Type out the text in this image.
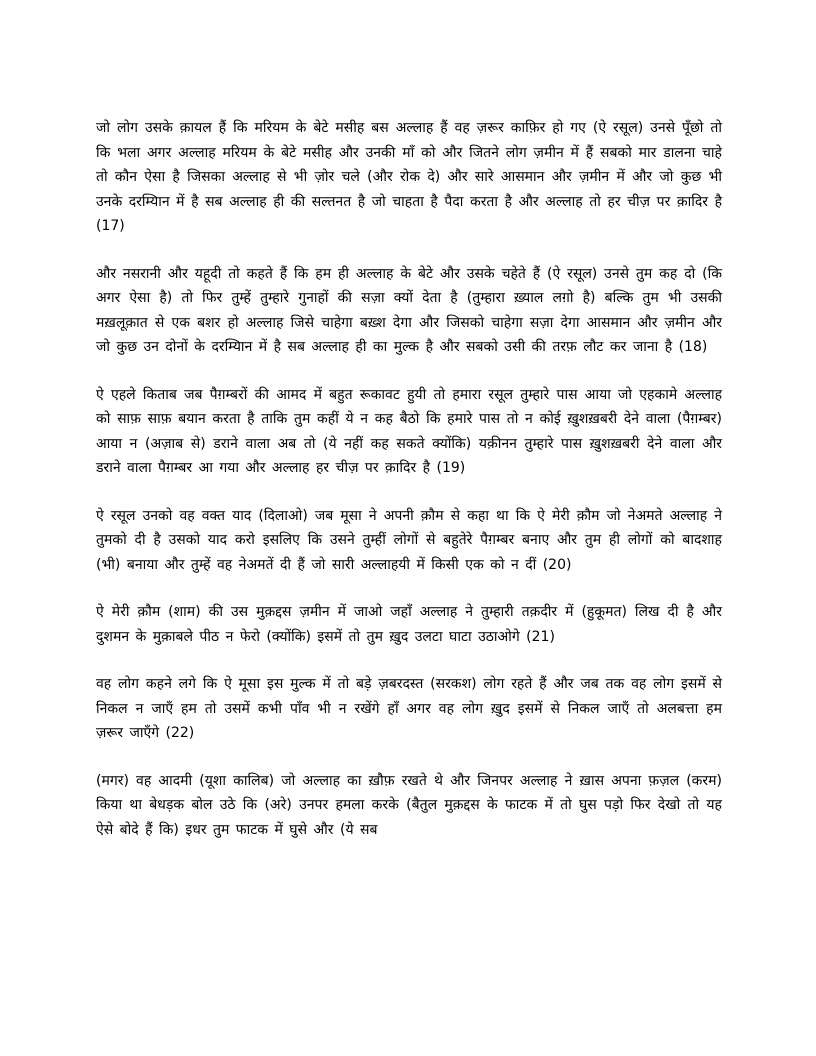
जो लोग उसके क़ायल हैं कि मरियम के बेटे मसीह बस अल्लाह हैं वह ज़रूर काफ़िर हो गए (ऐ रसूल) उनसे पूँछो तो कि भला अगर अल्लाह मरियम के बेटे मसीह और उनकी माँ को और जितने लोग ज़मीन में हैं सबको मार डालना चाहे तो कौन ऐसा है जिसका अल्लाह से भी ज़ोर चले (और रोक दे) और सारे आसमान और ज़मीन में और जो कुछ भी उनके दरम्यिान में है सब अल्लाह ही की सल्तनत है जो चाहता है पैदा करता है और अल्लाह तो हर चीज़ पर क़ादिर है (17)

और नसरानी और यहूदी तो कहते हैं कि हम ही अल्लाह के बेटे और उसके चहेते हैं (ऐ रसूल) उनसे तुम कह दो (कि अगर ऐसा है) तो फिर तुम्हें तुम्हारे गुनाहों की सज़ा क्यों देता है (तुम्हारा ख़्याल लग़ो है) बल्कि तुम भी उसकी मख़लूक़ात से एक बशर हो अल्लाह जिसे चाहेगा बख़्श देगा और जिसको चाहेगा सज़ा देगा आसमान और ज़मीन और जो कुछ उन दोनों के दरम्यिान में है सब अल्लाह ही का मुल्क है और सबको उसी की तरफ़ लौट कर जाना है (18)

ऐ एहले किताब जब पैग़म्बरों की आमद में बहुत रूकावट हुयी तो हमारा रसूल तुम्हारे पास आया जो एहकामे अल्लाह को साफ़ साफ़ बयान करता है ताकि तुम कहीं ये न कह बैठो कि हमारे पास तो न कोई ख़ुशख़बरी देने वाला (पैग़म्बर) आया न (अज़ाब से) डराने वाला अब तो (ये नहीं कह सकते क्योंकि) यक़ीनन तुम्हारे पास ख़ुशख़बरी देने वाला और डराने वाला पैग़म्बर आ गया और अल्लाह हर चीज़ पर क़ादिर है (19)

ऐ रसूल उनको वह वक्त याद (दिलाओ) जब मूसा ने अपनी क़ौम से कहा था कि ऐ मेरी क़ौम जो नेअमते अल्लाह ने तुमको दी है उसको याद करो इसलिए कि उसने तुम्हीं लोगों से बहुतेरे पैग़म्बर बनाए और तुम ही लोगों को बादशाह (भी) बनाया और तुम्हें वह नेअमतें दी हैं जो सारी अल्लाहयी में किसी एक को न दीं (20)

ऐ मेरी क़ौम (शाम) की उस मुक़द्दस ज़मीन में जाओ जहाँ अल्लाह ने तुम्हारी तक़दीर में (हुकूमत) लिख दी है और दुशमन के मुक़ाबले पीठ न फेरो (क्योंकि) इसमें तो तुम ख़ुद उलटा घाटा उठाओगे (21)

वह लोग कहने लगे कि ऐ मूसा इस मुल्क में तो बड़े ज़बरदस्त (सरकश) लोग रहते हैं और जब तक वह लोग इसमें से निकल न जाएँ हम तो उसमें कभी पाँव भी न रखेंगे हाँ अगर वह लोग ख़ुद इसमें से निकल जाएँ तो अलबत्ता हम ज़रूर जाएँगे (22)

(मगर) वह आदमी (यूशा कालिब) जो अल्लाह का ख़ौफ़ रखते थे और जिनपर अल्लाह ने ख़ास अपना फ़ज़ल (करम) किया था बेधड़क बोल उठे कि (अरे) उनपर हमला करके (बैतुल मुक़द्दस के फाटक में तो घुस पड़ो फिर देखो तो यह ऐसे बोदे हैं कि) इधर तुम फाटक में घुसे और (ये सब
